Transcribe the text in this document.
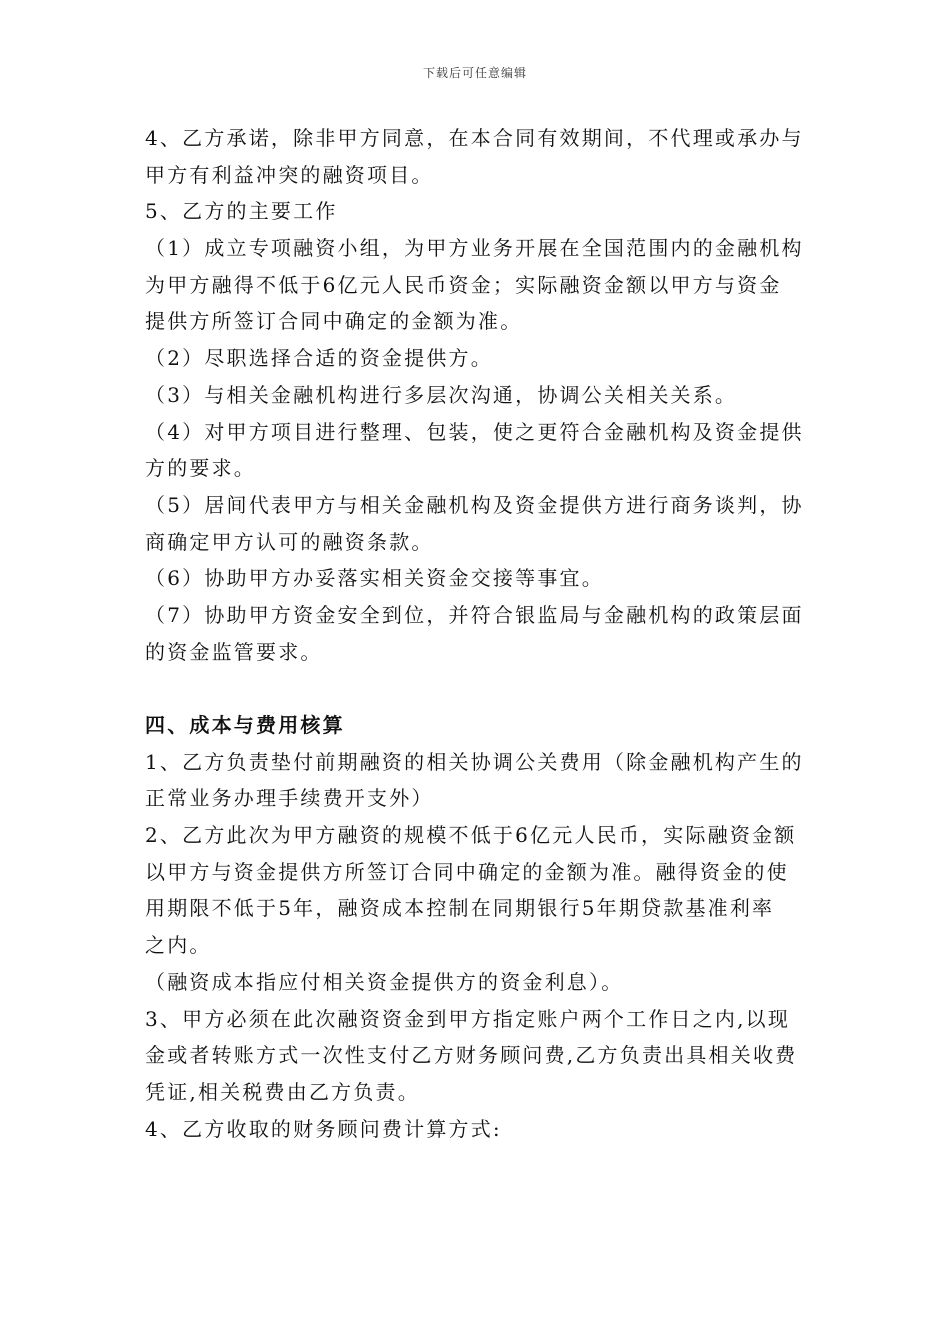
下载后可任意编辑
4、乙方承诺，除非甲方同意，在本合同有效期间，不代理或承办与
甲方有利益冲突的融资项目。
5、乙方的主要工作
（1）成立专项融资小组，为甲方业务开展在全国范围内的金融机构
为甲方融得不低于6亿元人民币资金；实际融资金额以甲方与资金
提供方所签订合同中确定的金额为准。
（2）尽职选择合适的资金提供方。
（3）与相关金融机构进行多层次沟通，协调公关相关关系。
（4）对甲方项目进行整理、包装，使之更符合金融机构及资金提供
方的要求。
（5）居间代表甲方与相关金融机构及资金提供方进行商务谈判，协
商确定甲方认可的融资条款。
（6）协助甲方办妥落实相关资金交接等事宜。
（7）协助甲方资金安全到位，并符合银监局与金融机构的政策层面
的资金监管要求。
四、成本与费用核算
1、乙方负责垫付前期融资的相关协调公关费用（除金融机构产生的
正常业务办理手续费开支外）
2、乙方此次为甲方融资的规模不低于6亿元人民币，实际融资金额
以甲方与资金提供方所签订合同中确定的金额为准。融得资金的使
用期限不低于5年，融资成本控制在同期银行5年期贷款基准利率
之内。
（融资成本指应付相关资金提供方的资金利息）。
3、甲方必须在此次融资资金到甲方指定账户两个工作日之内,以现
金或者转账方式一次性支付乙方财务顾问费,乙方负责出具相关收费
凭证,相关税费由乙方负责。
4、乙方收取的财务顾问费计算方式:
